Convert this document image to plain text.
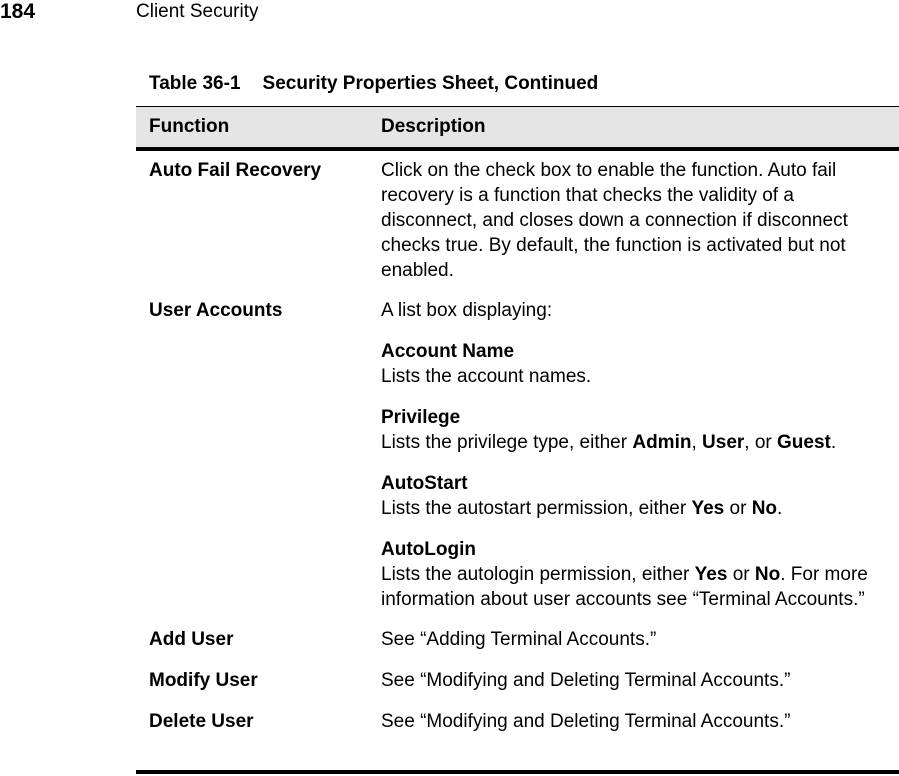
184	Client Security
Table 36-1 Security Properties Sheet, Continued
Function	Description
Auto Fail Recovery	Click on the check box to enable the function. Auto fail recovery is a function that checks the validity of a disconnect, and closes down a connection if disconnect checks true. By default, the function is activated but not enabled.

User Accounts	A list box displaying:

Account Name
Lists the account names.
Privilege
Lists the privilege type, either Admin, User, or Guest.
AutoStart
Lists the autostart permission, either Yes or No.
AutoLogin
Lists the autologin permission, either Yes or No. For more information about user accounts see “Terminal Accounts.”
Add User	See “Adding Terminal Accounts.”

Modify User	See “Modifying and Deleting Terminal Accounts.”

Delete User	See “Modifying and Deleting Terminal Accounts.”
